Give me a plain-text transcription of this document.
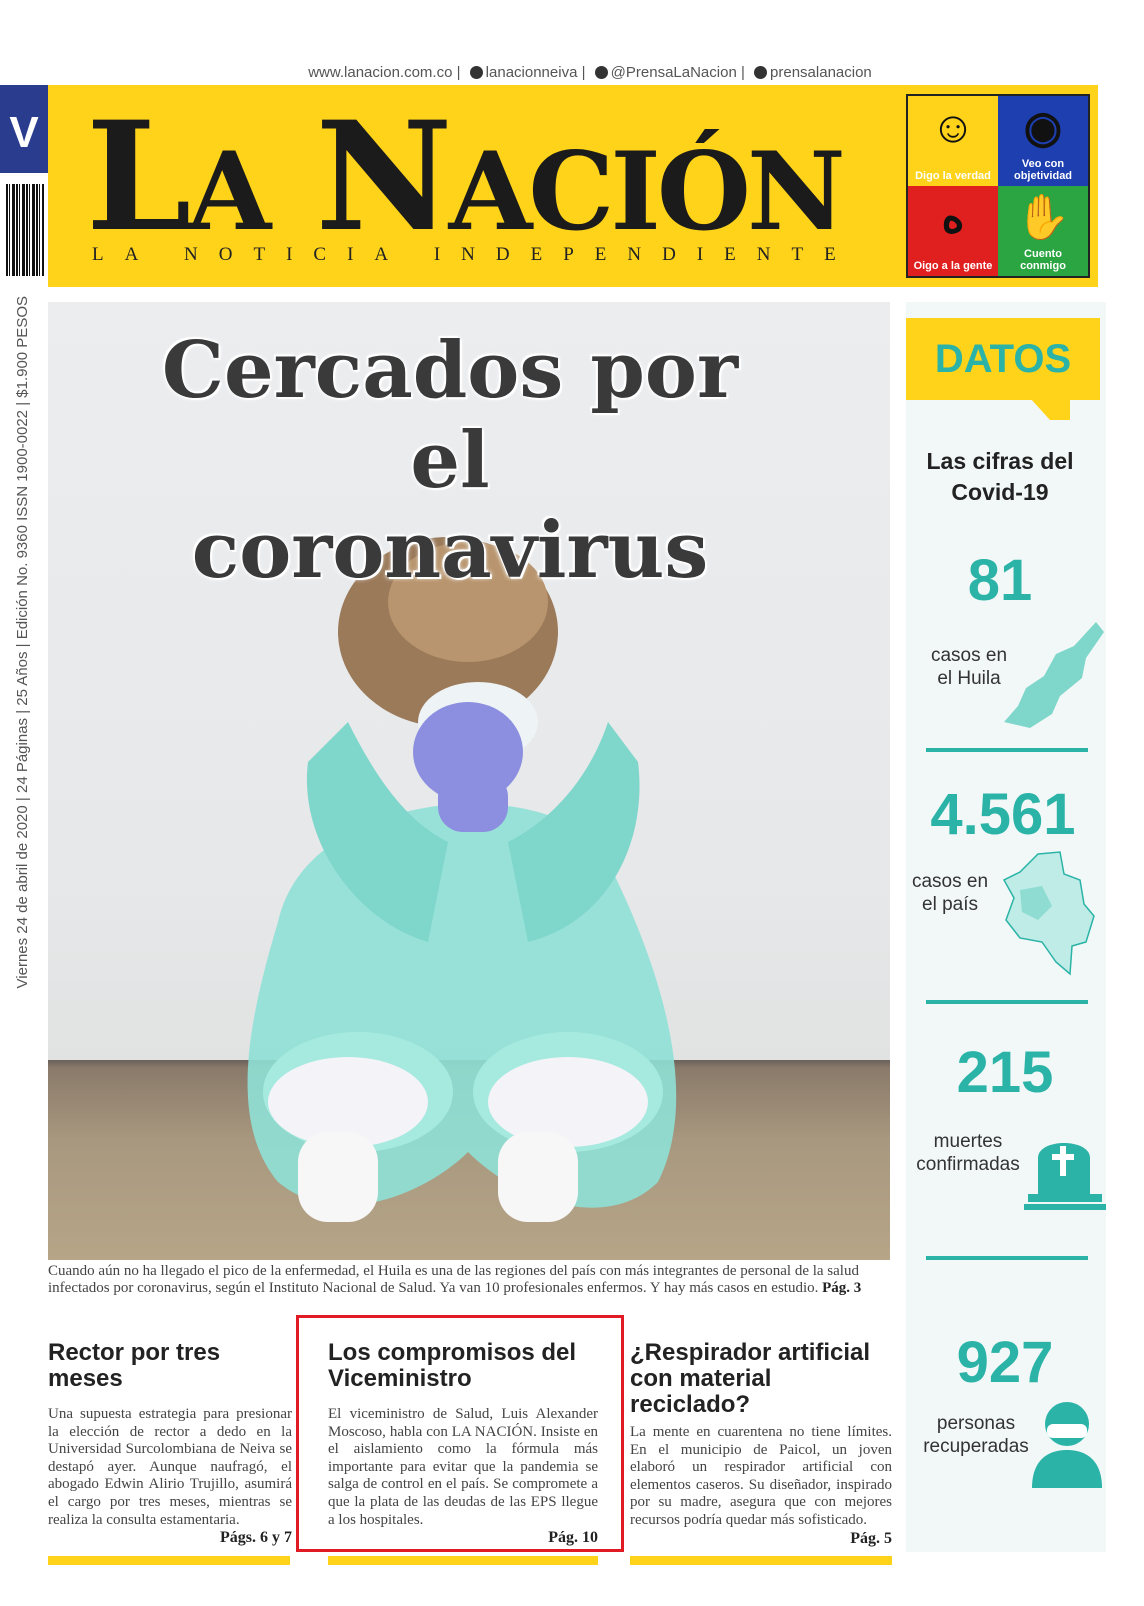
www.lanacion.com.co | lanacionneiva | @PrensaLaNacion | prensalanacion
V
Viernes 24 de abril de 2020 | 24 Páginas | 25 Años | Edición No. 9360 ISSN 1900-0022 | $1.900 PESOS
LA NACIÓN
LA NOTICIA INDEPENDIENTE
☺
Digo la verdad
◉
Veo con objetividad
ە
Oigo a la gente
✋
Cuento conmigo
Cercados por el
coronavirus
Cuando aún no ha llegado el pico de la enfermedad, el Huila es una de las regiones del país con más integrantes de personal de la salud infectados por coronavirus, según el Instituto Nacional de Salud. Ya van 10 profesionales enfermos. Y hay más casos en estudio. Pág. 3
Rector por tres meses
Una supuesta estrategia para presionar la elección de rector a dedo en la Universidad Surcolombiana de Neiva se destapó ayer. Aunque naufragó, el abogado Edwin Alirio Trujillo, asumirá el cargo por tres meses, mientras se realiza la consulta estamentaria.
Págs. 6 y 7
Los compromisos del Viceministro
El viceministro de Salud, Luis Alexander Moscoso, habla con LA NACIÓN. Insiste en el aislamiento como la fórmula más importante para evitar que la pandemia se salga de control en el país. Se compromete a que la plata de las deudas de las EPS llegue a los hospitales.
Pág. 10
¿Respirador artificial con material reciclado?
La mente en cuarentena no tiene límites. En el municipio de Paicol, un joven elaboró un respirador artificial con elementos caseros. Su diseñador, inspirado por su madre, asegura que con mejores recursos podría quedar más sofisticado.
Pág. 5
DATOS
Las cifras del Covid-19
81
casos en
el Huila
4.561
casos en
el país
215
muertes
confirmadas
927
personas
recuperadas
